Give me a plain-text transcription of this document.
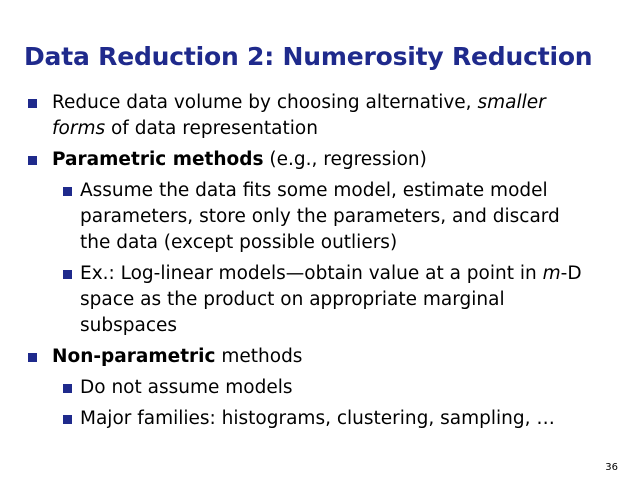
Data Reduction 2: Numerosity Reduction
Reduce data volume by choosing alternative, smaller forms of data representation
Parametric methods (e.g., regression)
Assume the data fits some model, estimate model parameters, store only the parameters, and discard the data (except possible outliers)
Ex.: Log-linear models—obtain value at a point in m-D space as the product on appropriate marginal subspaces
Non-parametric methods
Do not assume models
Major families: histograms, clustering, sampling, …
36
